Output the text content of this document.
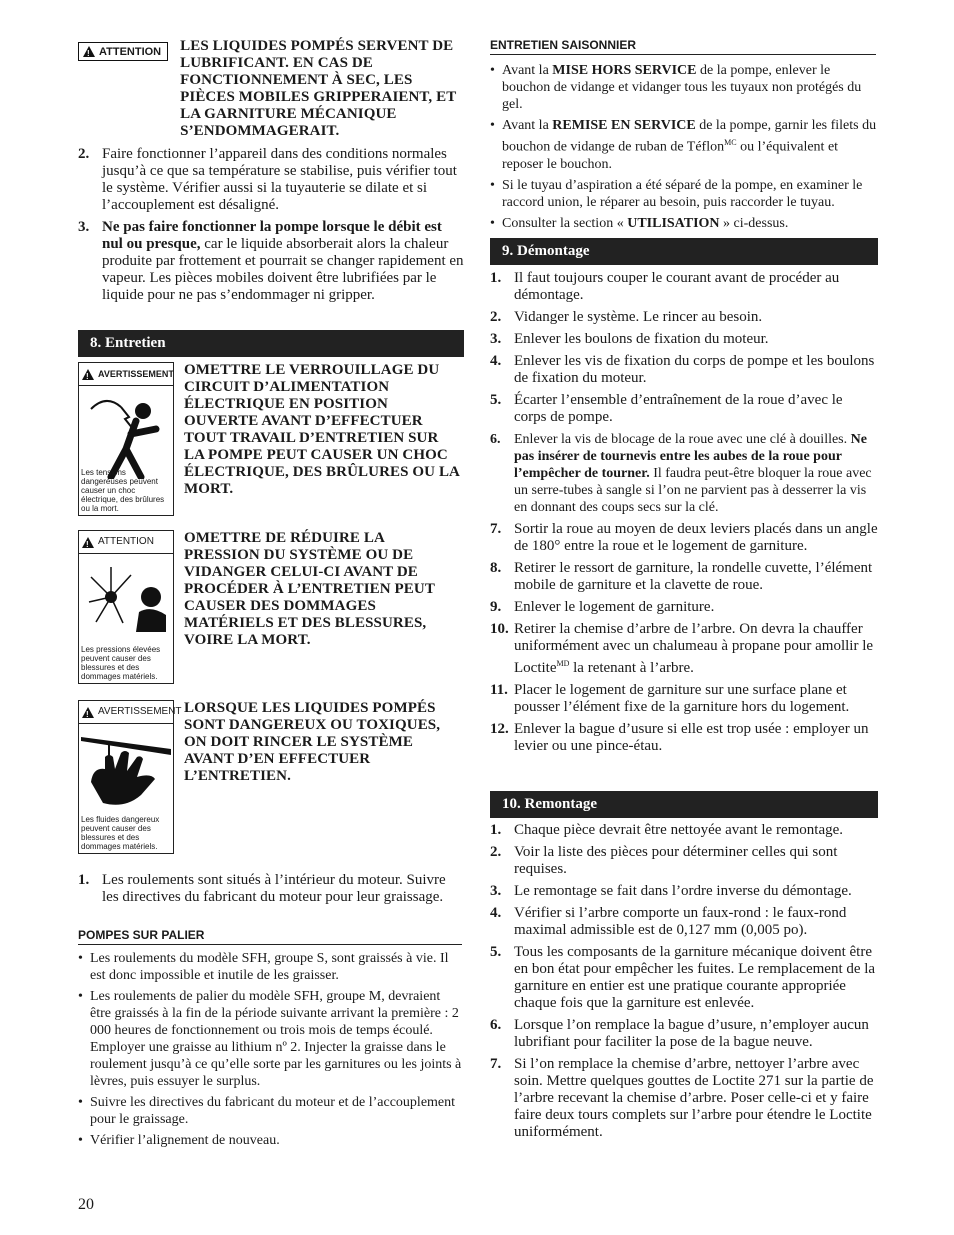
!
ATTENTION LES LIQUIDES POMPÉS SERVENT DE LUBRIFICANT. EN CAS DE FONCTIONNEMENT À SEC, LES PIÈCES MOBILES GRIPPERAIENT, ET LA GARNITURE MÉCANIQUE S’ENDOMMAGERAIT.
2. Faire fonctionner l’appareil dans des conditions normales jusqu’à ce que sa température se stabilise, puis vérifier tout le système. Vérifier aussi si la tuyauterie se dilate et si l’accouplement est désaligné.
3. Ne pas faire fonctionner la pompe lorsque le débit est nul ou presque, car le liquide absorberait alors la chaleur produite par frottement et pourrait se changer rapidement en vapeur. Les pièces mobiles doivent être lubrifiées par le liquide pour ne pas s’endommager ni gripper.
8. Entretien
!
AVERTISSEMENT
Les tensions dangereuses peuvent causer un choc électrique, des brûlures ou la mort.
OMETTRE LE VERROUILLAGE DU CIRCUIT D’ALIMENTATION ÉLECTRIQUE EN POSITION OUVERTE AVANT D’EFFECTUER TOUT TRAVAIL D’ENTRETIEN SUR LA POMPE PEUT CAUSER UN CHOC ÉLECTRIQUE, DES BRÛLURES OU LA MORT.
!
ATTENTION
Les pressions élevées peuvent causer des blessures et des dommages matériels.
OMETTRE DE RÉDUIRE LA PRESSION DU SYSTÈME OU DE VIDANGER CELUI-CI AVANT DE PROCÉDER À L’ENTRETIEN PEUT CAUSER DES DOMMAGES MATÉRIELS ET DES BLESSURES, VOIRE LA MORT.
!
AVERTISSEMENT
Les fluides dangereux peuvent causer des blessures et des dommages matériels.
LORSQUE LES LIQUIDES POMPÉS SONT DANGEREUX OU TOXIQUES, ON DOIT RINCER LE SYSTÈME AVANT D’EN EFFECTUER L’ENTRETIEN.
1. Les roulements sont situés à l’intérieur du moteur. Suivre les directives du fabricant du moteur pour leur graissage.
POMPES SUR PALIER
• Les roulements du modèle SFH, groupe S, sont graissés à vie. Il est donc impossible et inutile de les graisser.
• Les roulements de palier du modèle SFH, groupe M, devraient être graissés à la fin de la période suivante arrivant la première : 2 000 heures de fonctionnement ou trois mois de temps écoulé. Employer une graisse au lithium nº 2. Injecter la graisse dans le roulement jusqu’à ce qu’elle sorte par les garnitures ou les joints à lèvres, puis essuyer le surplus.
• Suivre les directives du fabricant du moteur et de l’accouplement pour le graissage.
• Vérifier l’alignement de nouveau.
ENTRETIEN SAISONNIER
• Avant la MISE HORS SERVICE de la pompe, enlever le bouchon de vidange et vidanger tous les tuyaux non protégés du gel.
• Avant la REMISE EN SERVICE de la pompe, garnir les filets du bouchon de vidange de ruban de Téflon$^{MC}$ ou l’équivalent et reposer le bouchon.
• Si le tuyau d’aspiration a été séparé de la pompe, en examiner le raccord union, le réparer au besoin, puis raccorder le tuyau.
• Consulter la section « UTILISATION » ci-dessus.
9. Démontage
1. Il faut toujours couper le courant avant de procéder au démontage.
2. Vidanger le système. Le rincer au besoin.
3. Enlever les boulons de fixation du moteur.
4. Enlever les vis de fixation du corps de pompe et les boulons de fixation du moteur.
5. Écarter l’ensemble d’entraînement de la roue d’avec le corps de pompe.
6. Enlever la vis de blocage de la roue avec une clé à douilles. Ne pas insérer de tournevis entre les aubes de la roue pour l’empêcher de tourner. Il faudra peut-être bloquer la roue avec un serre-tubes à sangle si l’on ne parvient pas à desserrer la vis en donnant des coups secs sur la clé.
7. Sortir la roue au moyen de deux leviers placés dans un angle de 180° entre la roue et le logement de garniture.
8. Retirer le ressort de garniture, la rondelle cuvette, l’élément mobile de garniture et la clavette de roue.
9. Enlever le logement de garniture.
10. Retirer la chemise d’arbre de l’arbre. On devra la chauffer uniformément avec un chalumeau à propane pour amollir le Loctite$^{MD}$ la retenant à l’arbre.
11. Placer le logement de garniture sur une surface plane et pousser l’élément fixe de la garniture hors du logement.
12. Enlever la bague d’usure si elle est trop usée : employer un levier ou une pince-étau.
10. Remontage
1. Chaque pièce devrait être nettoyée avant le remontage.
2. Voir la liste des pièces pour déterminer celles qui sont requises.
3. Le remontage se fait dans l’ordre inverse du démontage.
4. Vérifier si l’arbre comporte un faux-rond : le faux-rond maximal admissible est de 0,127 mm (0,005 po).
5. Tous les composants de la garniture mécanique doivent être en bon état pour empêcher les fuites. Le remplacement de la garniture en entier est une pratique courante appropriée chaque fois que la garniture est enlevée.
6. Lorsque l’on remplace la bague d’usure, n’employer aucun lubrifiant pour faciliter la pose de la bague neuve.
7. Si l’on remplace la chemise d’arbre, nettoyer l’arbre avec soin. Mettre quelques gouttes de Loctite 271 sur la partie de l’arbre recevant la chemise d’arbre. Poser celle-ci et y faire faire deux tours complets sur l’arbre pour étendre le Loctite uniformément.
20
